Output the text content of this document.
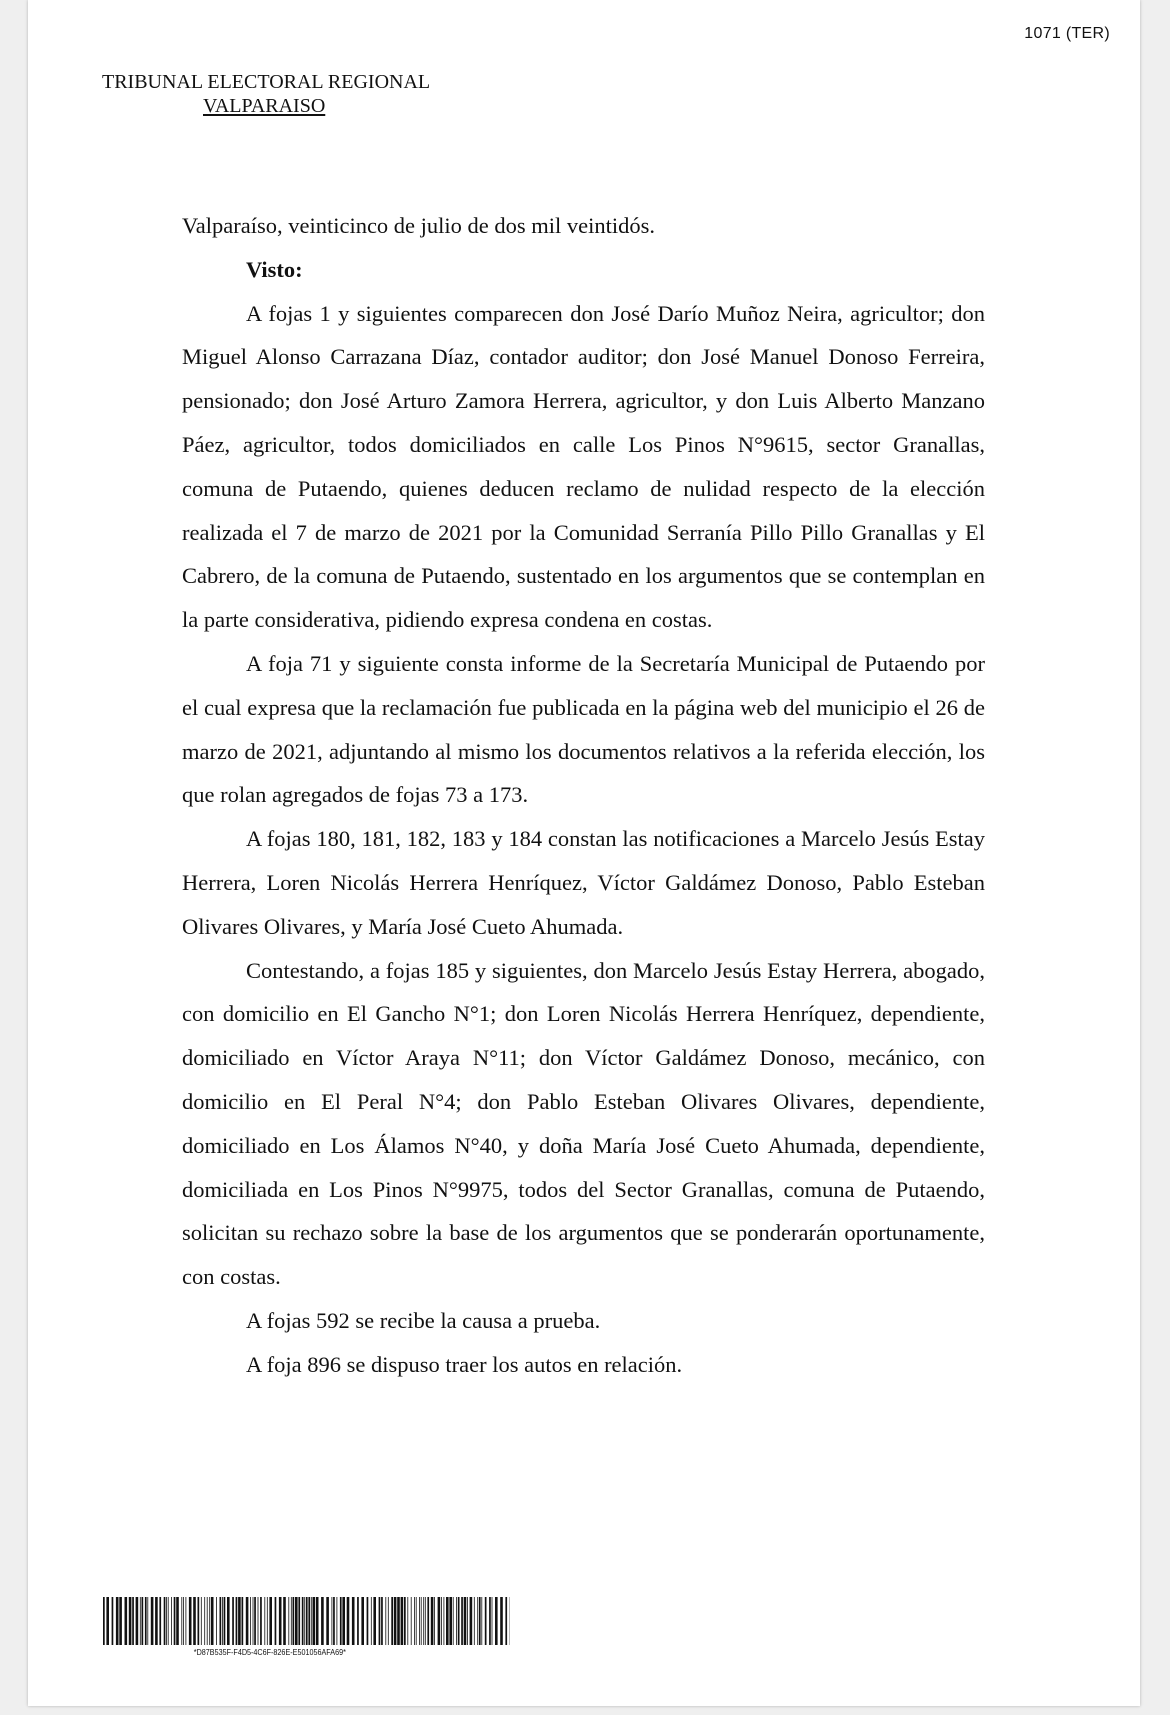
1071 (TER)
TRIBUNAL ELECTORAL REGIONAL
VALPARAISO

Valparaíso, veinticinco de julio de dos mil veintidós.

Visto:

A fojas 1 y siguientes comparecen don José Darío Muñoz Neira, agricultor; don Miguel Alonso Carrazana Díaz, contador auditor; don José Manuel Donoso Ferreira, pensionado; don José Arturo Zamora Herrera, agricultor, y don Luis Alberto Manzano Páez, agricultor, todos domiciliados en calle Los Pinos N°9615, sector Granallas, comuna de Putaendo, quienes deducen reclamo de nulidad respecto de la elección realizada el 7 de marzo de 2021 por la Comunidad Serranía Pillo Pillo Granallas y El Cabrero, de la comuna de Putaendo, sustentado en los argumentos que se contemplan en la parte considerativa, pidiendo expresa condena en costas.

A foja 71 y siguiente consta informe de la Secretaría Municipal de Putaendo por el cual expresa que la reclamación fue publicada en la página web del municipio el 26 de marzo de 2021, adjuntando al mismo los documentos relativos a la referida elección, los que rolan agregados de fojas 73 a 173.

A fojas 180, 181, 182, 183 y 184 constan las notificaciones a Marcelo Jesús Estay Herrera, Loren Nicolás Herrera Henríquez, Víctor Galdámez Donoso, Pablo Esteban Olivares Olivares, y María José Cueto Ahumada.

Contestando, a fojas 185 y siguientes, don Marcelo Jesús Estay Herrera, abogado, con domicilio en El Gancho N°1; don Loren Nicolás Herrera Henríquez, dependiente, domiciliado en Víctor Araya N°11; don Víctor Galdámez Donoso, mecánico, con domicilio en El Peral N°4; don Pablo Esteban Olivares Olivares, dependiente, domiciliado en Los Álamos N°40, y doña María José Cueto Ahumada, dependiente, domiciliada en Los Pinos N°9975, todos del Sector Granallas, comuna de Putaendo, solicitan su rechazo sobre la base de los argumentos que se ponderarán oportunamente, con costas.

A fojas 592 se recibe la causa a prueba.

A foja 896 se dispuso traer los autos en relación.

*D87B535F-F4D5-4C6F-826E-E501056AFA69*
